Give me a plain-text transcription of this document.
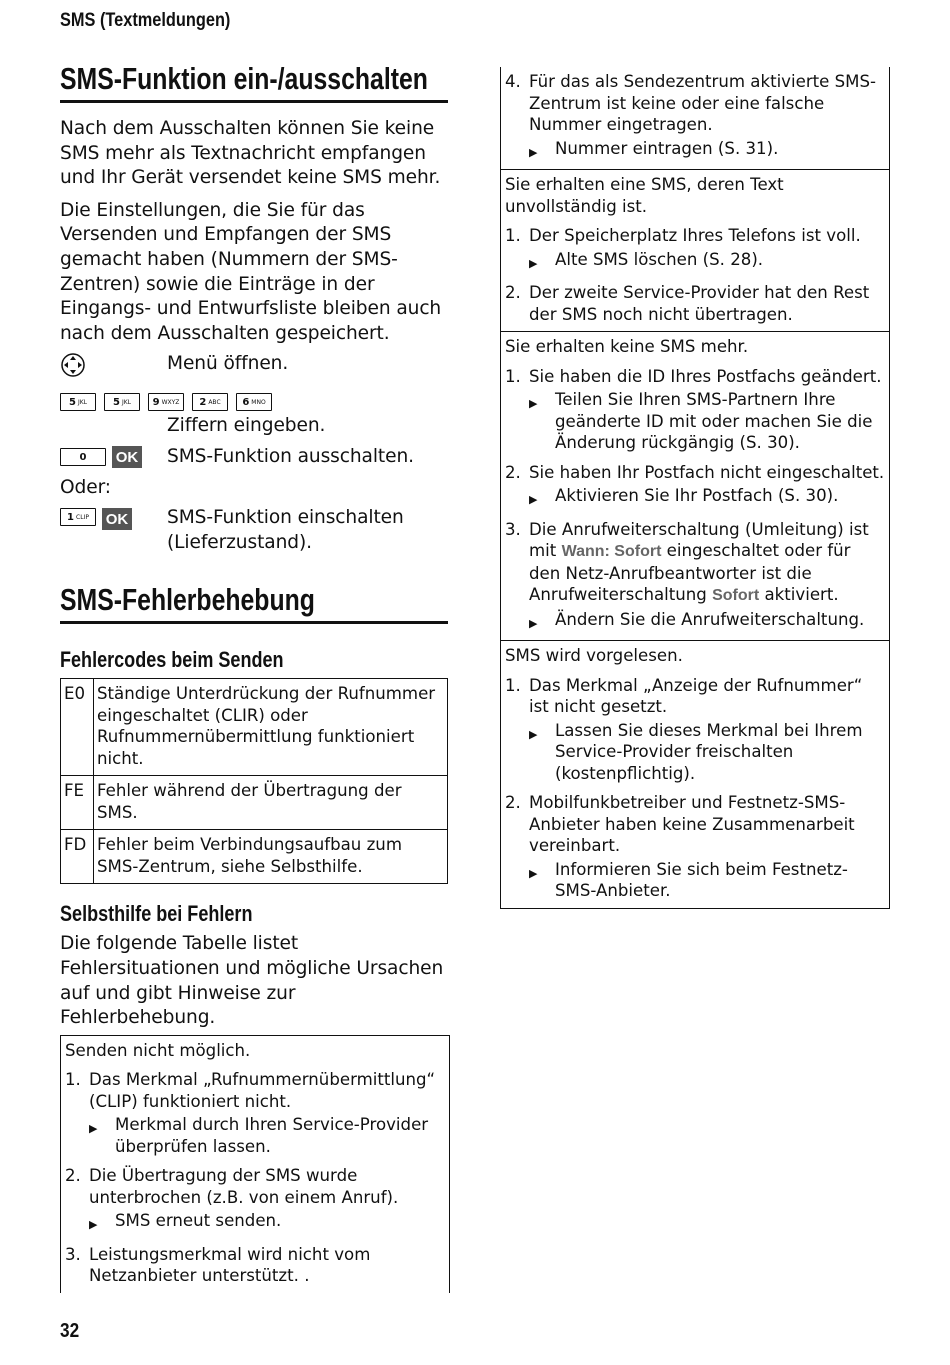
SMS (Textmeldungen)
SMS-Funktion ein-/ausschalten

Nach dem Ausschalten können Sie keine SMS mehr als Textnachricht empfangen und Ihr Gerät versendet keine SMS mehr.

Die Einstellungen, die Sie für das Versenden und Empfangen der SMS gemacht haben (Nummern der SMS-Zentren) sowie die Einträge in der Eingangs- und Entwurfsliste bleiben auch nach dem Ausschalten gespeichert.

Menü öffnen.
5 JKL	5 JKL 9 WXYZ 2 ABC 6 MNO
Ziffern eingeben.
0	OK SMS-Funktion ausschalten.
Oder:
1 CLIP OK SMS-Funktion einschalten (Lieferzustand).
SMS-Fehlerbehebung
Fehlercodes beim Senden
E0	Ständige Unterdrückung der Rufnummer eingeschaltet (CLIR) oder Rufnummernübermittlung funktioniert nicht.
FE	Fehler während der Übertragung der SMS.
FD	Fehler beim Verbindungsaufbau zum SMS-Zentrum, siehe Selbsthilfe.
Selbsthilfe bei Fehlern

Die folgende Tabelle listet Fehlersituationen und mögliche Ursachen auf und gibt Hinweise zur Fehlerbehebung.

Senden nicht möglich.
1. Das Merkmal „Rufnummernübermittlung“ (CLIP) funktioniert nicht.
▶	Merkmal durch Ihren Service-Provider überprüfen lassen.
2. Die Übertragung der SMS wurde unterbrochen (z.B. von einem Anruf).
▶	SMS erneut senden.
3. Leistungsmerkmal wird nicht vom Netzanbieter unterstützt. .
4. Für das als Sendezentrum aktivierte SMS-Zentrum ist keine oder eine falsche Nummer eingetragen.
▶	Nummer eintragen (S. 31).
Sie erhalten eine SMS, deren Text unvollständig ist.
1. Der Speicherplatz Ihres Telefons ist voll.
▶	Alte SMS löschen (S. 28).
2. Der zweite Service-Provider hat den Rest der SMS noch nicht übertragen.
Sie erhalten keine SMS mehr.
1. Sie haben die ID Ihres Postfachs geändert.
▶	Teilen Sie Ihren SMS-Partnern Ihre geänderte ID mit oder machen Sie die Änderung rückgängig (S. 30).
2. Sie haben Ihr Postfach nicht eingeschaltet.
▶	Aktivieren Sie Ihr Postfach (S. 30).
3. Die Anrufweiterschaltung (Umleitung) ist mit Wann: Sofort eingeschaltet oder für den Netz-Anrufbeantworter ist die Anrufweiterschaltung Sofort aktiviert.
▶	Ändern Sie die Anrufweiterschaltung.
SMS wird vorgelesen.
1. Das Merkmal „Anzeige der Rufnummer“ ist nicht gesetzt.
▶	Lassen Sie dieses Merkmal bei Ihrem Service-Provider freischalten (kostenpflichtig).
2. Mobilfunkbetreiber und Festnetz-SMS-Anbieter haben keine Zusammenarbeit vereinbart.
▶	Informieren Sie sich beim Festnetz-SMS-Anbieter.
32
